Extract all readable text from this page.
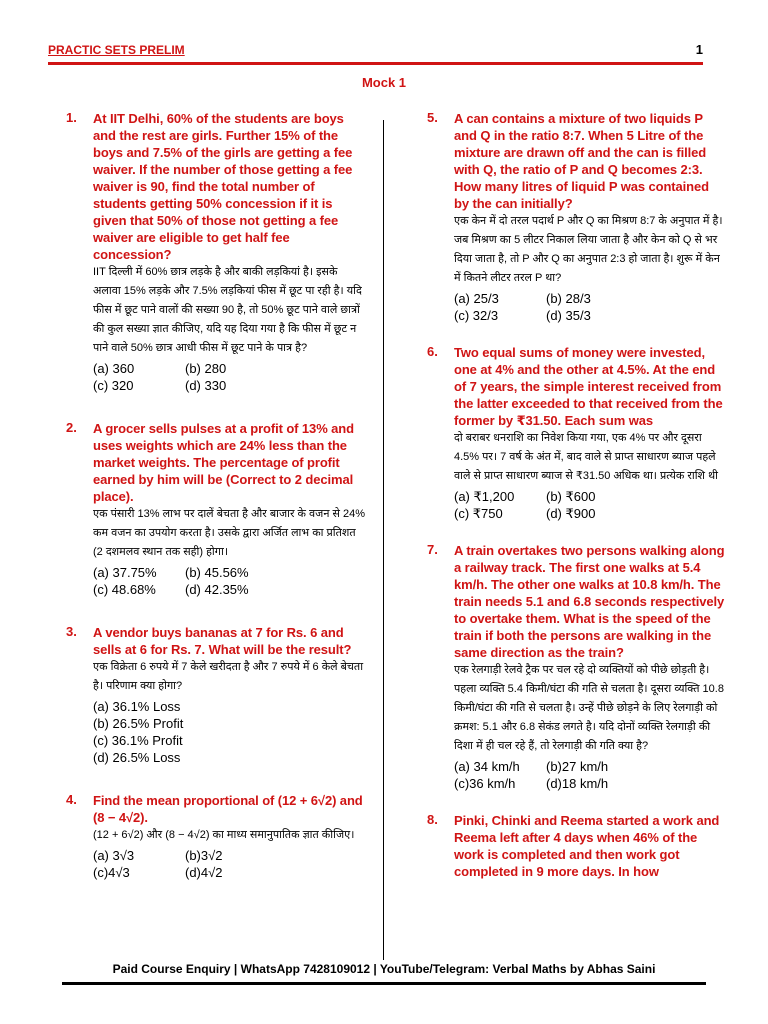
PRACTIC SETS PRELIM	1
Mock 1
1. At IIT Delhi, 60% of the students are boys and the rest are girls. Further 15% of the boys and 7.5% of the girls are getting a fee waiver. If the number of those getting a fee waiver is 90, find the total number of students getting 50% concession if it is given that 50% of those not getting a fee waiver are eligible to get half fee concession?
IIT दिल्ली में 60% छात्र लड़के है और बाकी लड़कियां है। इसके अलावा 15% लड़के और 7.5% लड़कियां फीस में छूट पा रही है। यदि फीस में छूट पाने वालों की सख्या 90 है, तो 50% छूट पाने वाले छात्रों की कुल सख्या ज्ञात कीजिए, यदि यह दिया गया है कि फीस में छूट न पाने वाले 50% छात्र आधी फीस में छूट पाने के पात्र है?
(a) 360	(b) 280
(c) 320	(d) 330
2. A grocer sells pulses at a profit of 13% and uses weights which are 24% less than the market weights. The percentage of profit earned by him will be (Correct to 2 decimal place).
एक पंसारी 13% लाभ पर दालें बेचता है और बाजार के वजन से 24% कम वजन का उपयोग करता है। उसके द्वारा अर्जित लाभ का प्रतिशत (2 दशमलव स्थान तक सही) होगा।
(a) 37.75% (b) 45.56%
(c) 48.68% (d) 42.35%
3. A vendor buys bananas at 7 for Rs. 6 and sells at 6 for Rs. 7. What will be the result?
एक विक्रेता 6 रुपये में 7 केले खरीदता है और 7 रुपये में 6 केले बेचता है। परिणाम क्या होगा?
(a) 36.1% Loss
(b) 26.5% Profit
(c) 36.1% Profit
(d) 26.5% Loss
4. Find the mean proportional of (12 + 6√2) and (8 − 4√2).
(12 + 6√2) और (8 − 4√2) का माध्य समानुपातिक ज्ञात कीजिए।
(a) 3√3	(b)3√2
(c)4√3	(d)4√2
5. A can contains a mixture of two liquids P and Q in the ratio 8:7. When 5 Litre of the mixture are drawn off and the can is filled with Q, the ratio of P and Q becomes 2:3. How many litres of liquid P was contained by the can initially?
एक केन में दो तरल पदार्थ P और Q का मिश्रण 8:7 के अनुपात में है। जब मिश्रण का 5 लीटर निकाल लिया जाता है और केन को Q से भर दिया जाता है, तो P और Q का अनुपात 2:3 हो जाता है। शुरू में केन में कितने लीटर तरल P था?
(a) 25/3	(b) 28/3
(c) 32/3	(d) 35/3
6. Two equal sums of money were invested, one at 4% and the other at 4.5%. At the end of 7 years, the simple interest received from the latter exceeded to that received from the former by ₹31.50. Each sum was
दो बराबर धनराशि का निवेश किया गया, एक 4% पर और दूसरा 4.5% पर। 7 वर्ष के अंत में, बाद वाले से प्राप्त साधारण ब्याज पहले वाले से प्राप्त साधारण ब्याज से ₹31.50 अधिक था। प्रत्येक राशि थी
(a) ₹1,200 (b) ₹600
(c) ₹750	(d) ₹900
7. A train overtakes two persons walking along a railway track. The first one walks at 5.4 km/h. The other one walks at 10.8 km/h. The train needs 5.1 and 6.8 seconds respectively to overtake them. What is the speed of the train if both the persons are walking in the same direction as the train?
एक रेलगाड़ी रेलवे ट्रैक पर चल रहे दो व्यक्तियों को पीछे छोड़ती है। पहला व्यक्ति 5.4 किमी/घंटा की गति से चलता है। दूसरा व्यक्ति 10.8 किमी/घंटा की गति से चलता है। उन्हें पीछे छोड़ने के लिए रेलगाड़ी को क्रमश: 5.1 और 6.8 सेकंड लगते है। यदि दोनों व्यक्ति रेलगाड़ी की दिशा में ही चल रहे हैं, तो रेलगाड़ी की गति क्या है?
(a) 34 km/h (b)27 km/h
(c)36 km/h (d)18 km/h
8. Pinki, Chinki and Reema started a work and Reema left after 4 days when 46% of the work is completed and then work got completed in 9 more days. In how
Paid Course Enquiry | WhatsApp 7428109012 | YouTube/Telegram: Verbal Maths by Abhas Saini
